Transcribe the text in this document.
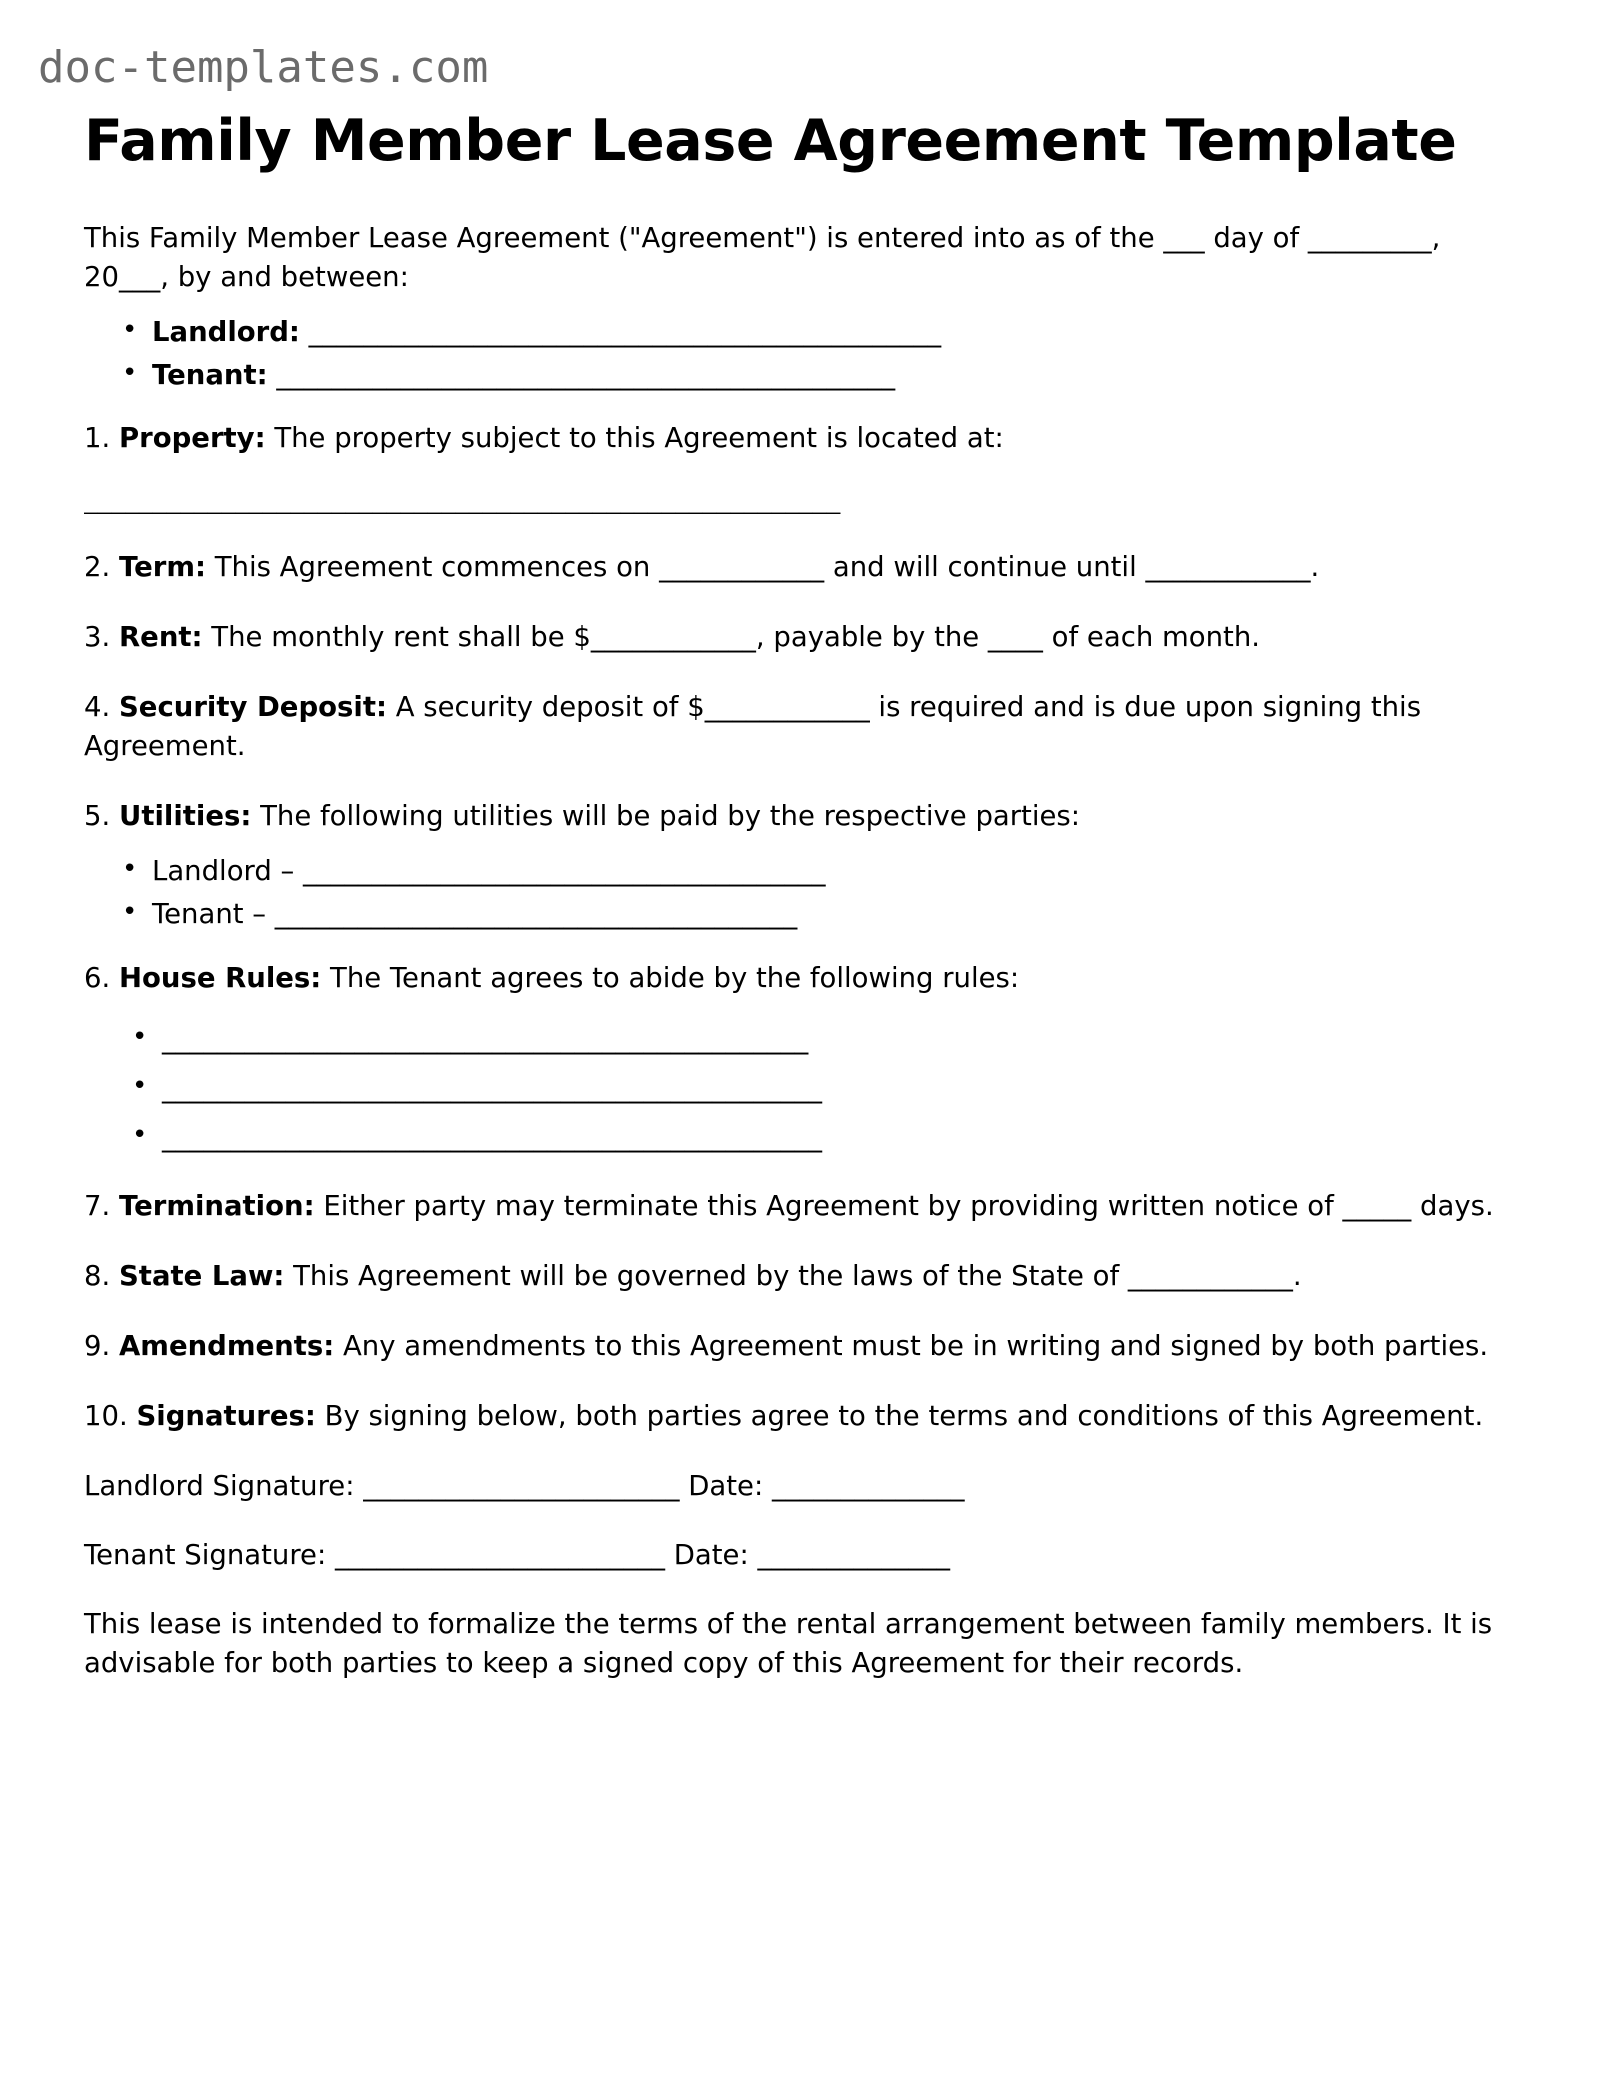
doc-templates.com
Family Member Lease Agreement Template

This Family Member Lease Agreement ("Agreement") is entered into as of the ___ day of _________, 20___, by and between:

• Landlord: ______________________________________________
• Tenant: _____________________________________________

1. Property: The property subject to this Agreement is located at:

_______________________________________________________

2. Term: This Agreement commences on ____________ and will continue until ____________.

3. Rent: The monthly rent shall be $____________, payable by the ____ of each month.

4. Security Deposit: A security deposit of $____________ is required and is due upon signing this Agreement.

5. Utilities: The following utilities will be paid by the respective parties:

• Landlord – ______________________________________
• Tenant – ______________________________________

6. House Rules: The Tenant agrees to abide by the following rules:

• _______________________________________________
• ________________________________________________
• ________________________________________________

7. Termination: Either party may terminate this Agreement by providing written notice of _____ days.

8. State Law: This Agreement will be governed by the laws of the State of ____________.

9. Amendments: Any amendments to this Agreement must be in writing and signed by both parties.

10. Signatures: By signing below, both parties agree to the terms and conditions of this Agreement.

Landlord Signature: _______________________ Date: ______________
Tenant Signature: ________________________ Date: ______________

This lease is intended to formalize the terms of the rental arrangement between family members. It is advisable for both parties to keep a signed copy of this Agreement for their records.
